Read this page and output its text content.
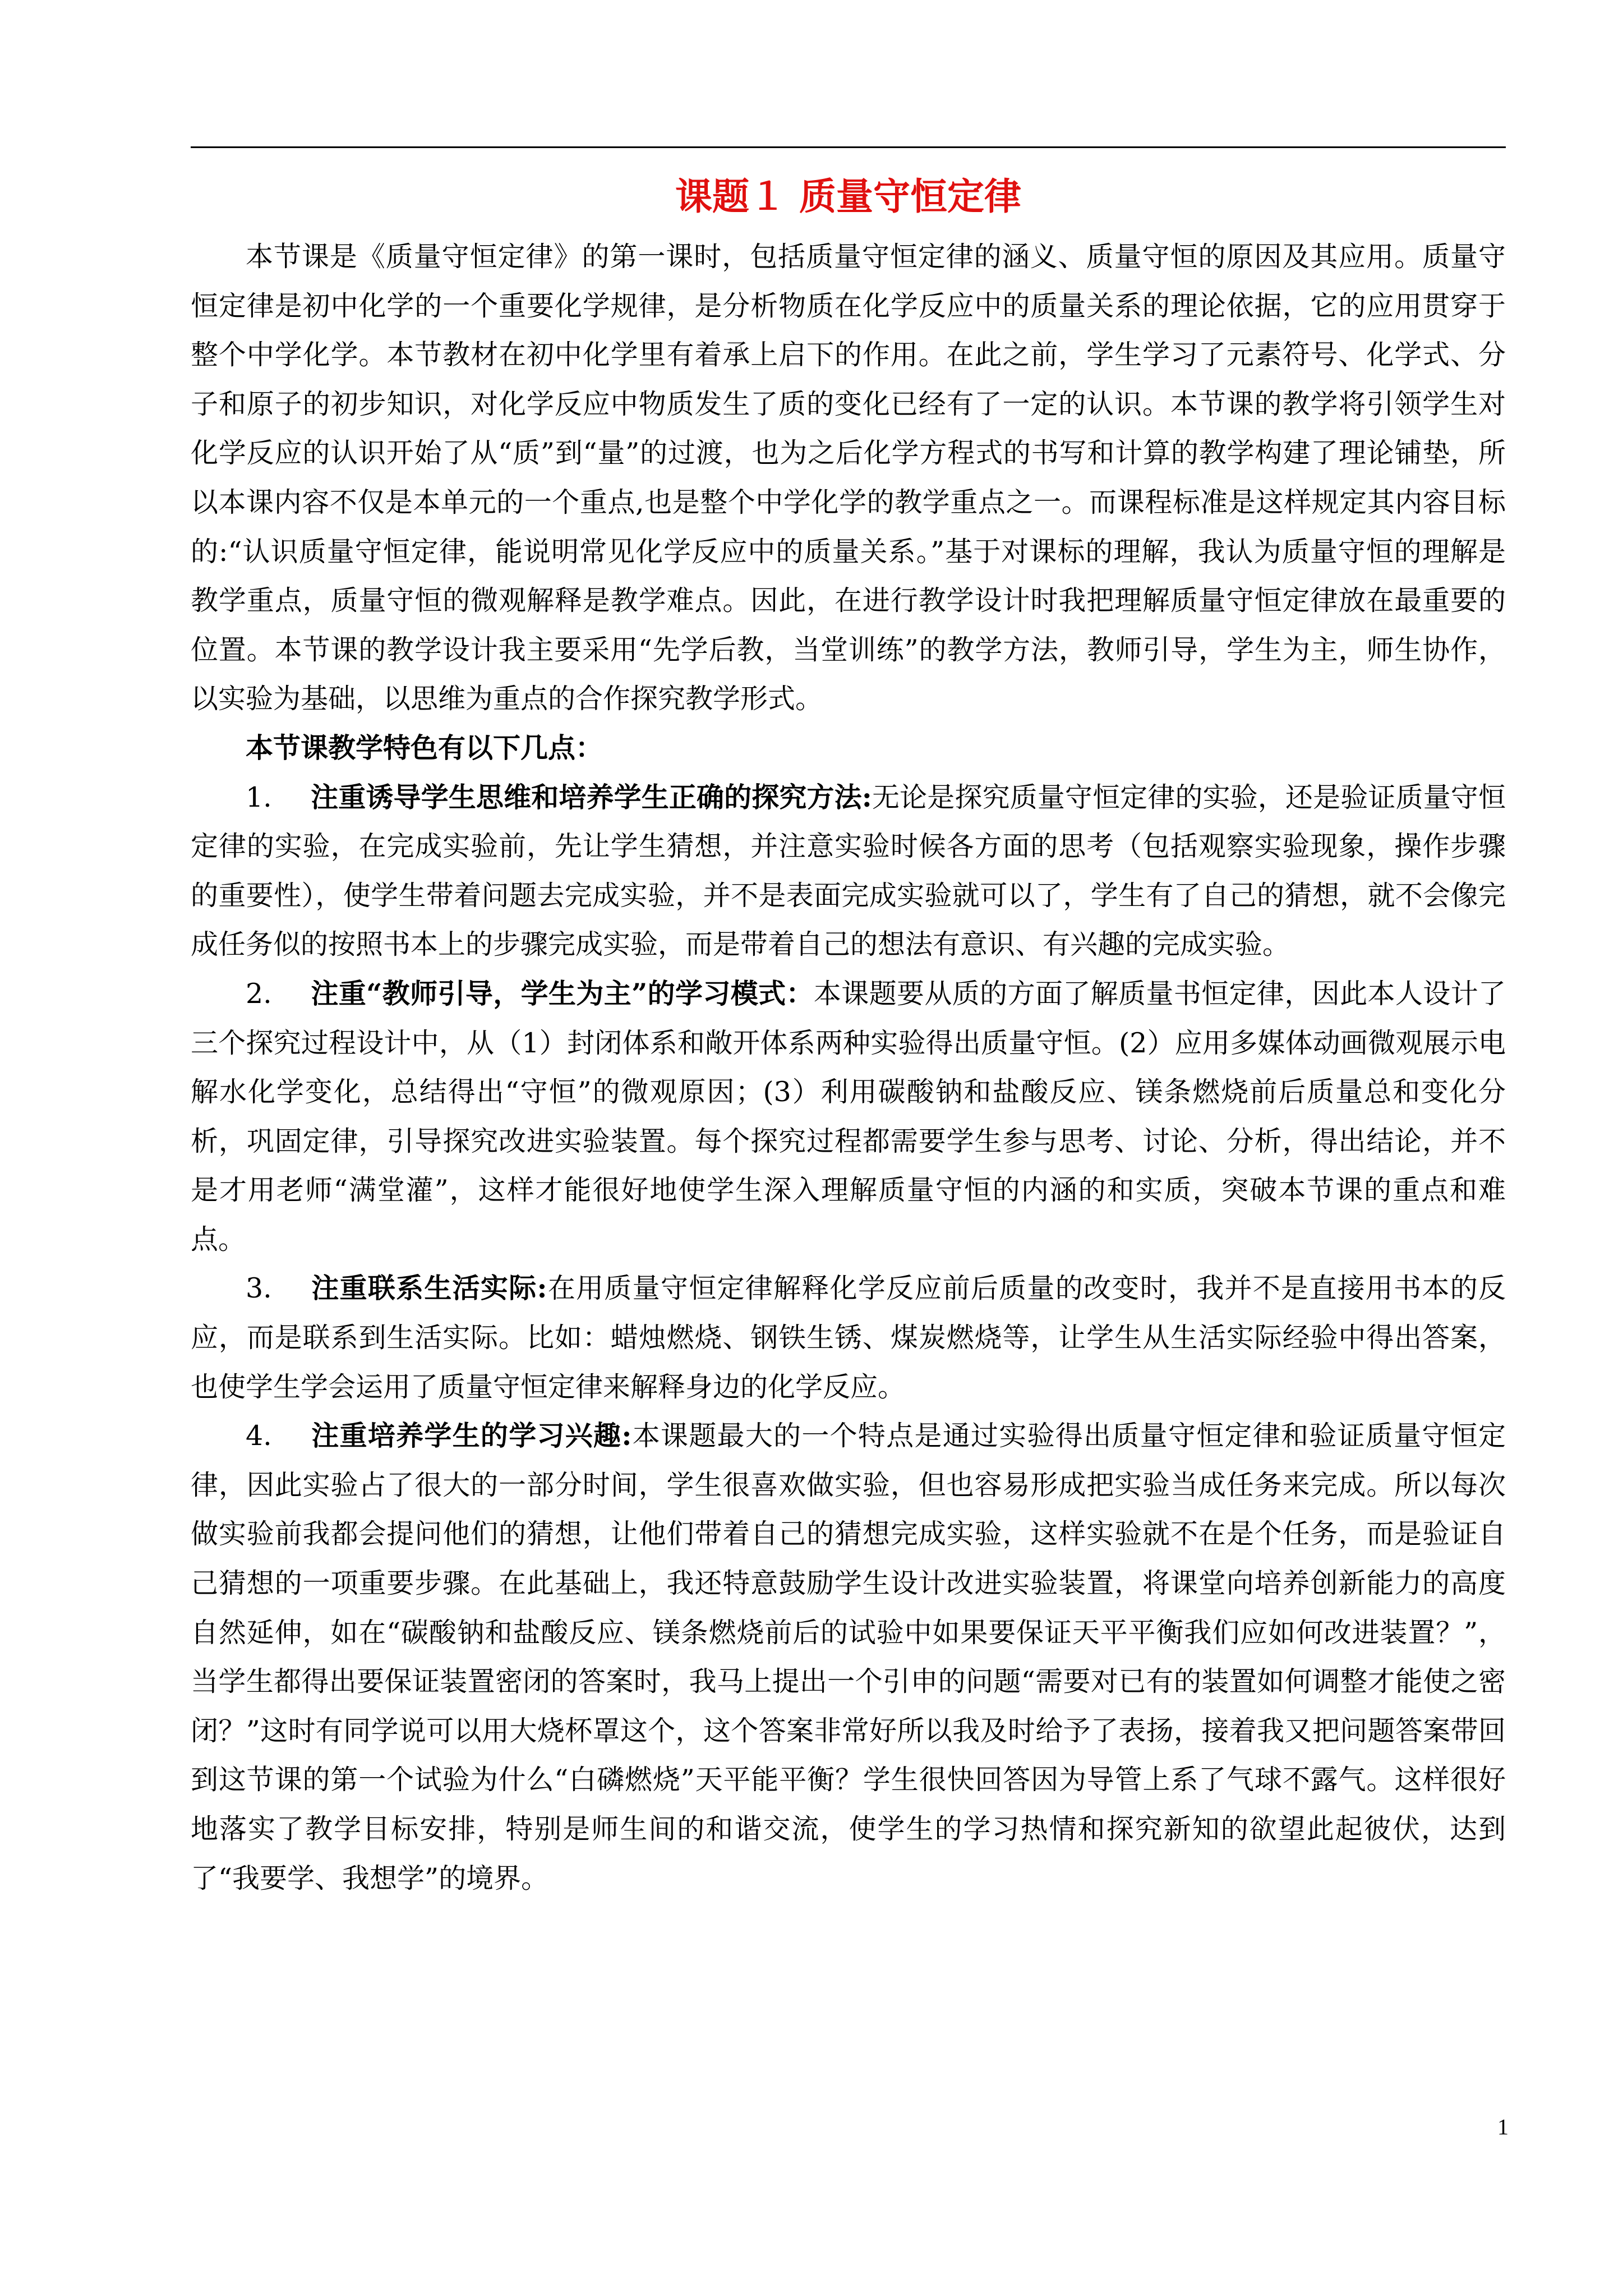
课题１ 质量守恒定律

本节课是《质量守恒定律》的第一课时，包括质量守恒定律的涵义、质量守恒的原因及其应用。质量守恒定律是初中化学的一个重要化学规律，是分析物质在化学反应中的质量关系的理论依据，它的应用贯穿于整个中学化学。本节教材在初中化学里有着承上启下的作用。在此之前，学生学习了元素符号、化学式、分子和原子的初步知识，对化学反应中物质发生了质的变化已经有了一定的认识。本节课的教学将引领学生对化学反应的认识开始了从“质”到“量”的过渡，也为之后化学方程式的书写和计算的教学构建了理论铺垫，所以本课内容不仅是本单元的一个重点,也是整个中学化学的教学重点之一。而课程标准是这样规定其内容目标的:“认识质量守恒定律，能说明常见化学反应中的质量关系。”基于对课标的理解，我认为质量守恒的理解是教学重点，质量守恒的微观解释是教学难点。因此，在进行教学设计时我把理解质量守恒定律放在最重要的位置。本节课的教学设计我主要采用“先学后教，当堂训练”的教学方法，教师引导，学生为主，师生协作，以实验为基础，以思维为重点的合作探究教学形式。

本节课教学特色有以下几点：

1. 注重诱导学生思维和培养学生正确的探究方法:无论是探究质量守恒定律的实验，还是验证质量守恒定律的实验，在完成实验前，先让学生猜想，并注意实验时候各方面的思考（包括观察实验现象，操作步骤的重要性），使学生带着问题去完成实验，并不是表面完成实验就可以了，学生有了自己的猜想，就不会像完成任务似的按照书本上的步骤完成实验，而是带着自己的想法有意识、有兴趣的完成实验。

2. 注重“教师引导，学生为主”的学习模式：本课题要从质的方面了解质量书恒定律，因此本人设计了三个探究过程设计中，从（1）封闭体系和敞开体系两种实验得出质量守恒。(2）应用多媒体动画微观展示电解水化学变化，总结得出“守恒”的微观原因；(3）利用碳酸钠和盐酸反应、镁条燃烧前后质量总和变化分析，巩固定律，引导探究改进实验装置。每个探究过程都需要学生参与思考、讨论、分析，得出结论，并不是才用老师“满堂灌”，这样才能很好地使学生深入理解质量守恒的内涵的和实质，突破本节课的重点和难点。

3. 注重联系生活实际:在用质量守恒定律解释化学反应前后质量的改变时，我并不是直接用书本的反应，而是联系到生活实际。比如：蜡烛燃烧、钢铁生锈、煤炭燃烧等，让学生从生活实际经验中得出答案，也使学生学会运用了质量守恒定律来解释身边的化学反应。

4. 注重培养学生的学习兴趣:本课题最大的一个特点是通过实验得出质量守恒定律和验证质量守恒定律，因此实验占了很大的一部分时间，学生很喜欢做实验，但也容易形成把实验当成任务来完成。所以每次做实验前我都会提问他们的猜想，让他们带着自己的猜想完成实验，这样实验就不在是个任务，而是验证自己猜想的一项重要步骤。在此基础上，我还特意鼓励学生设计改进实验装置，将课堂向培养创新能力的高度自然延伸，如在“碳酸钠和盐酸反应、镁条燃烧前后的试验中如果要保证天平平衡我们应如何改进装置？”，当学生都得出要保证装置密闭的答案时，我马上提出一个引申的问题“需要对已有的装置如何调整才能使之密闭？”这时有同学说可以用大烧杯罩这个，这个答案非常好所以我及时给予了表扬，接着我又把问题答案带回到这节课的第一个试验为什么“白磷燃烧”天平能平衡？学生很快回答因为导管上系了气球不露气。这样很好地落实了教学目标安排，特别是师生间的和谐交流，使学生的学习热情和探究新知的欲望此起彼伏，达到了“我要学、我想学”的境界。

1
